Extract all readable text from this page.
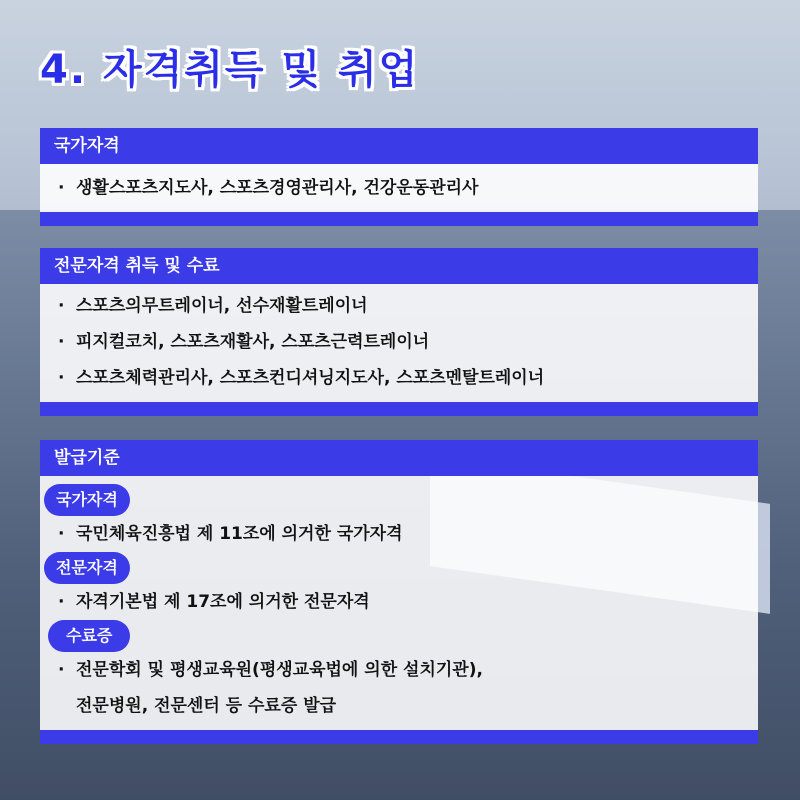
4. 자격취득 및 취업
국가자격
· 생활스포츠지도사, 스포츠경영관리사, 건강운동관리사
전문자격 취득 및 수료
· 스포츠의무트레이너, 선수재활트레이너
· 피지컬코치, 스포츠재활사, 스포츠근력트레이너
· 스포츠체력관리사, 스포츠컨디셔닝지도사, 스포츠멘탈트레이너
발급기준
국가자격
· 국민체육진흥법 제 11조에 의거한 국가자격
전문자격
· 자격기본법 제 17조에 의거한 전문자격
수료증
· 전문학회 및 평생교육원(평생교육법에 의한 설치기관),
전문병원, 전문센터 등 수료증 발급
